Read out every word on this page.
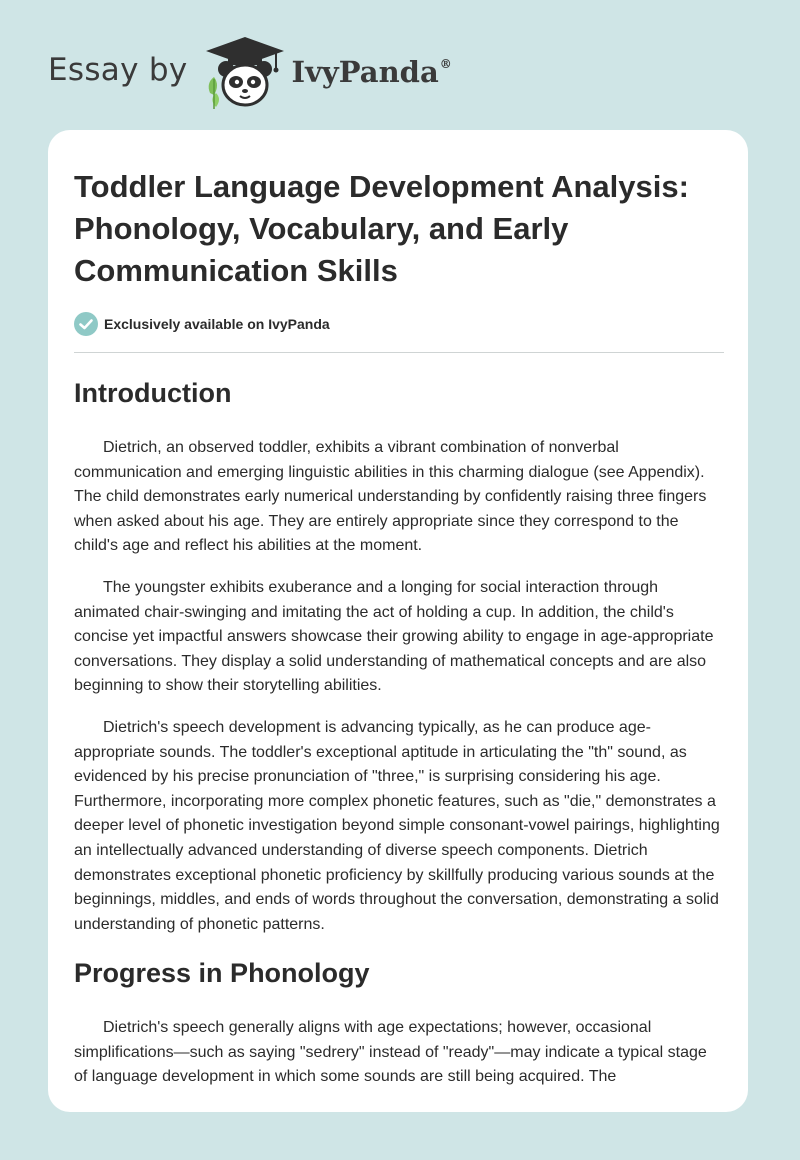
Essay by	IvyPanda®
Toddler Language Development Analysis: Phonology, Vocabulary, and Early Communication Skills
Exclusively available on IvyPanda
Introduction

Dietrich, an observed toddler, exhibits a vibrant combination of nonverbal communication and emerging linguistic abilities in this charming dialogue (see Appendix). The child demonstrates early numerical understanding by confidently raising three fingers when asked about his age. They are entirely appropriate since they correspond to the child's age and reflect his abilities at the moment.

The youngster exhibits exuberance and a longing for social interaction through animated chair-swinging and imitating the act of holding a cup. In addition, the child's concise yet impactful answers showcase their growing ability to engage in age-appropriate conversations. They display a solid understanding of mathematical concepts and are also beginning to show their storytelling abilities.

Dietrich's speech development is advancing typically, as he can produce age-appropriate sounds. The toddler's exceptional aptitude in articulating the "th" sound, as evidenced by his precise pronunciation of "three," is surprising considering his age. Furthermore, incorporating more complex phonetic features, such as "die," demonstrates a deeper level of phonetic investigation beyond simple consonant-vowel pairings, highlighting an intellectually advanced understanding of diverse speech components. Dietrich demonstrates exceptional phonetic proficiency by skillfully producing various sounds at the beginnings, middles, and ends of words throughout the conversation, demonstrating a solid understanding of phonetic patterns.

Progress in Phonology

Dietrich's speech generally aligns with age expectations; however, occasional simplifications—such as saying "sedrery" instead of "ready"—may indicate a typical stage of language development in which some sounds are still being acquired. The
